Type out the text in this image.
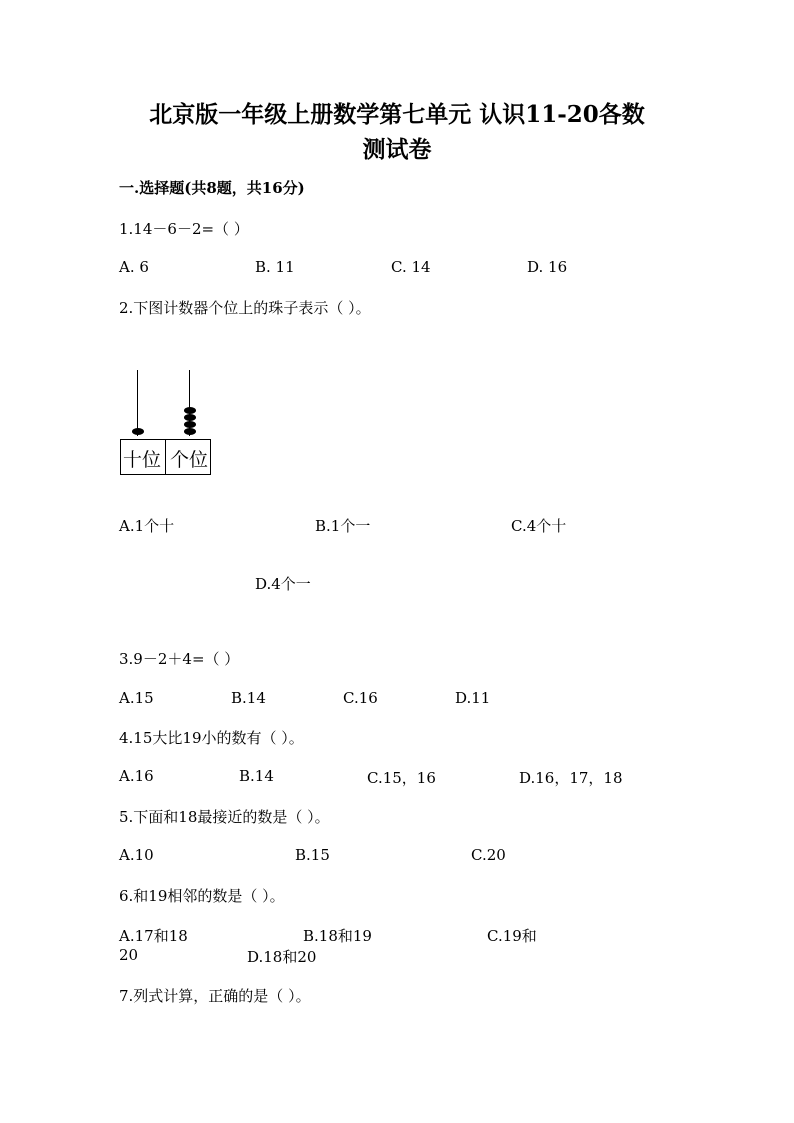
北京版一年级上册数学第七单元 认识11-20各数
测试卷
一.选择题(共8题，共16分)
1.14－6－2=（ ）
A. 6	B. 11	C. 14	D. 16
2.下图计数器个位上的珠子表示（ ）。
十位 个位
A.1个十	B.1个一	C.4个十
D.4个一
3.9－2＋4=（ ）
A.15	B.14	C.16	D.11
4.15大比19小的数有（ ）。
A.16	B.14	C.15，16	D.16，17，18
5.下面和18最接近的数是（ ）。
A.10	B.15	C.20
6.和19相邻的数是（ ）。
A.17和18	B.18和19	C.19和
20	D.18和20
7.列式计算，正确的是（ ）。
